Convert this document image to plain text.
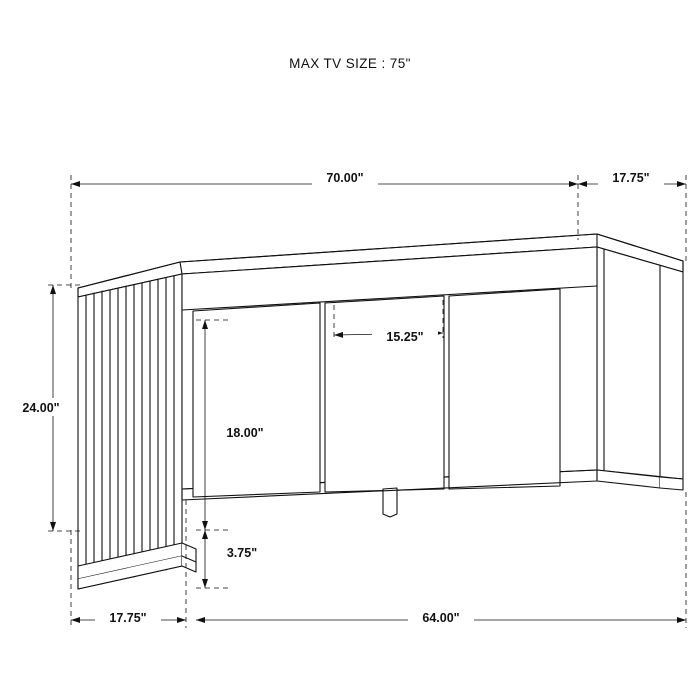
MAX TV SIZE : 75"
70.00"	17.75"
24.00"
15.25"
18.00"
3.75"
17.75"	64.00"
